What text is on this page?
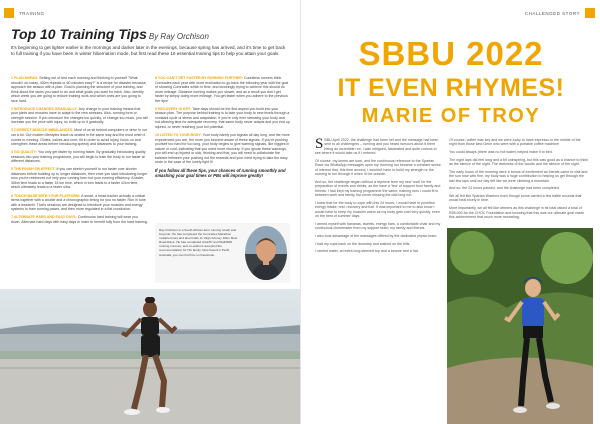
TRAINING
Top 10 Training Tips By Ray Orchison
It's beginning to get lighter earlier in the mornings and darker later in the evenings, because spring has arrived, and it's time to get back to full training if you have been in winter hibernation mode, but first read these 10 essential training tips to help you attain your goals
1 PLAN AHEAD: Setting out of bed each morning and thinking to yourself "What should I do today. 400m repeats or 60 minutes easy?" is a recipe for disaster because, approach the season with a plan. Goal is planning the structure of your training, and think about the races you want to do and what goals you want for each. Also, identify which week you are going to reduce training work and which ones are you going to race hard.
2 INTRODUCE CHANGES GRADUALLY: Any change to your training means that your joints and muscles have to adapt to the new stresses. Also, running form or strength session. If you introduce the changes too quickly, or change too much, you will increase you the price with injury, so build up to it gradually.
3 CORRECT MUSCLE IMBALANCES: Most of us sit behind computers or drive in our car a lot. Our modern lifestyles leave us seated in the same way and the most when it comes to running. Glutes, calves and core, tilt in order to avoid injury, focus on and strengthen these areas before introducing speedy and distances to your training.
4 GO QUALITY: You only get faster by running faster. By gradually introducing quality sessions into your training programme, you will begin to train the body to run faster at different distances.
5 THE FINISH OR EFFECT: If you can stretch yourself to run faster over shorter distances before building up to longer distances, then once you start introducing longer runs you're reinforced not only your running form but your running efficiency. A faster, 30km time leads to a faster 15 km time, which in turn leads to a faster 42km time, which ultimately leads to a faster ultra.
6 TOUCH BASE WITH YOUR PLATFORM: A smart, a head-tracker actually a critical items together with a double and a chronographic timing for you no faster. Run in tune with a treadmill. That's sessions are designed to introduce your muscles and energy systems to train running paces, and then more regulated in a flat conclusion.
7 ALTERNATE HARD AND EASY DAYS: Continuous hard training will wear you down. Alternate hard days with easy days in order to benefit fully from the hard training.
8 YOU CAN'T GET FASTER BY RUNNING FURTHER: Countless runners think Comrades each year with more motivation to go back the following year with the goal of showing Comrades which is time, and knowingly trying to achieve this should do more mileage. Distance running makes you slower, and as a result you don't get faster by simply doing more mileage. You get faster when you adhere to the previous five tips!
9 RECOVERY IS KEY: Take days should be the first aspect you build into your season plan. The purpose behind training is to take your body to new levels through a constant cycle of stress and adaptation. If you're only ever stressing your body and not allowing time for adequate recovery, that same body never adapts and you end up injured, or never reaching your full potential.
10 LISTEN TO YOUR BODY: Your body barely you signals all day long, and the more experienced you are, the more you become aware of these signals. If you're pushing yourself too hard for too long, your body begins to give warning signals, like niggles in nature or cold, indicating that you need more recovery. If you ignore these warnings, you will end up injured or sick, thinking and that, you will need to collaborate the balance between your pushing out the rewards and your mind trying to take the easy route in the case of the lonely fight it!
If you follow all these tips, your chances of running smoothly and smashing your goal times or PBs will improve greatly!
Ray Orchison is a South African-born running coach and Keynote. He has completed the Comrades Marathon multiple times and also holds 2x Virgin Money 10km Best Road Race. He has completed UltraTP and Wall4000 running courses, and co-authors accepted the recommendation for His family. Now based in Perth, Australia, you can find him on Facebook.
CHALLENGED STORY
SBBU 2022
IT EVEN RHYMES!
MARIE OF TROY

SBBU April 2022, the challenge had been set and the message had been sent to all challengers – running and you heard rumours about it there being an incredible run. I was intrigued, fascinated and quite curious to see where it would take us if I entered.

Of course, my knees are sore, and the continuous reference to the Spartan Race via WhatsApp messages upon my morning run became a constant sense of interest that, this time around, I wouldn't have to build my strength or the running to run through it when I'd be outside.

And so, the challenge began without a reprieve from my new 'wait' for the preparation of events and drinks, as the have a 'few' of support from family and friends. I had kept my training programme the same; training runs I could fit in between work and family, but never missing the odd long run.

I knew that for the body to cope with this 24 hours, I would have to prioritise energy intake: rest, recovery and fuel. It was important to me to also know I would have to keep my muscles warm as my body gets cold very quickly, even on the best of summer days.

I armed myself with bananas, sweets, energy bars, a comfortable chair and my continuous cheerleader from my support team: my family and friends.

I also took advantage of the massages offered by the dedicated physio team.

I had my cups back on the doorstep and walked on the hills.

I carried water, an extra long-sleeved top and a beanie and a hat.

Of course, coffee was key and we were lucky to have expresso in the middle of the night from those kind Gene who were with a portable coffee machine!

You could always (there was no hot water) helped make it to bed.

The night laps did feel long and a bit uninspiring, but this was good as a chance to think as the silence of the night. The darkness of the woods and the silence of the night.

The early hours of the morning were a bonus of excitement as friends came to visit and the sun rose with fine, my body was a huge contribution to helping us get through the last few laps until our day felt like we were climbing a mountain.

And so, the 24 hours passed, and the challenge had been completed.

We all felt like Spartan Warriors even though some carried a few battle wounds that would heal nicely in time.

More importantly, we all felt like winners as this challenge in its total raised a total of R55,000 for the CHOC Foundation and knowing that this was our ultimate goal made this achievement that much more rewarding.
